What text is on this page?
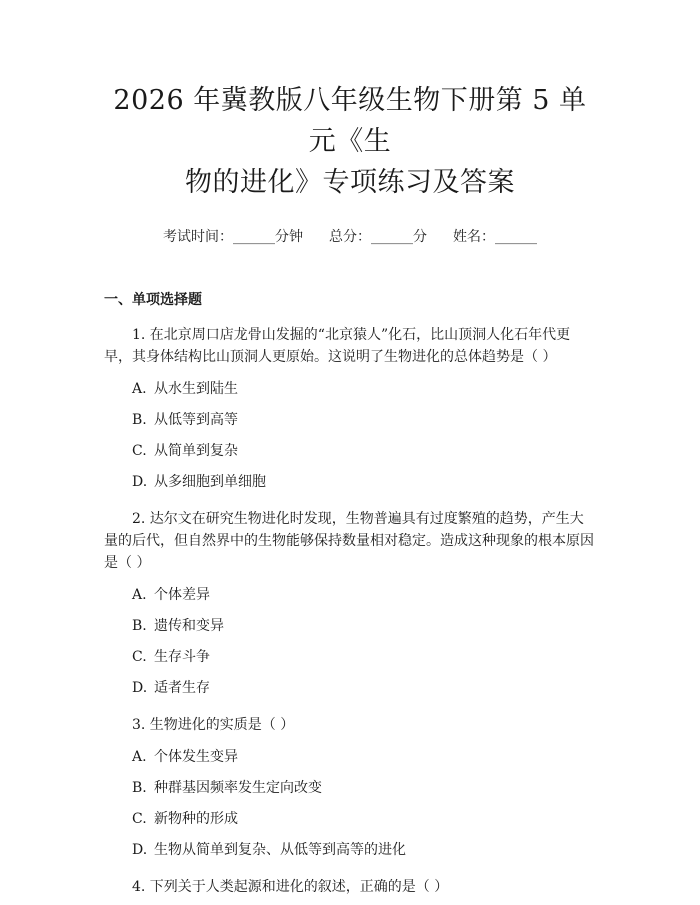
2026 年冀教版八年级生物下册第 5 单元《生
物的进化》专项练习及答案
考试时间：______分钟 总分：______分 姓名：______
一、单项选择题

1. 在北京周口店龙骨山发掘的“北京猿人”化石，比山顶洞人化石年代更早，其身体结构比山顶洞人更原始。这说明了生物进化的总体趋势是（ ）

A. 从水生到陆生
B. 从低等到高等
C. 从简单到复杂
D. 从多细胞到单细胞

2. 达尔文在研究生物进化时发现，生物普遍具有过度繁殖的趋势，产生大量的后代，但自然界中的生物能够保持数量相对稳定。造成这种现象的根本原因是（ ）

A. 个体差异
B. 遗传和变异
C. 生存斗争
D. 适者生存

3. 生物进化的实质是（ ）

A. 个体发生变异
B. 种群基因频率发生定向改变
C. 新物种的形成
D. 生物从简单到复杂、从低等到高等的进化

4. 下列关于人类起源和进化的叙述，正确的是（ ）
